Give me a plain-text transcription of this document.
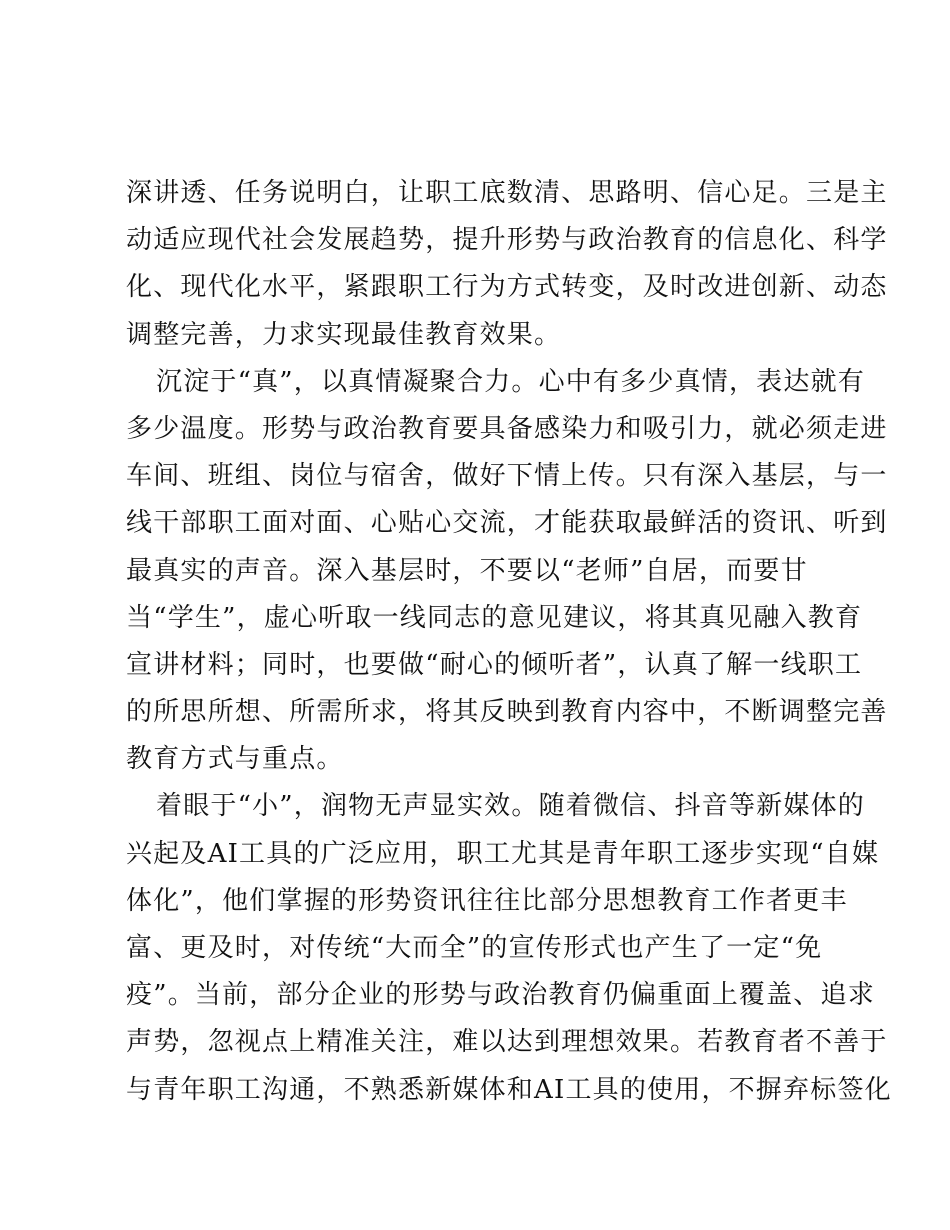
深讲透、任务说明白，让职工底数清、思路明、信心足。三是主
动适应现代社会发展趋势，提升形势与政治教育的信息化、科学
化、现代化水平，紧跟职工行为方式转变，及时改进创新、动态
调整完善，力求实现最佳教育效果。
沉淀于“真”，以真情凝聚合力。心中有多少真情，表达就有
多少温度。形势与政治教育要具备感染力和吸引力，就必须走进
车间、班组、岗位与宿舍，做好下情上传。只有深入基层，与一
线干部职工面对面、心贴心交流，才能获取最鲜活的资讯、听到
最真实的声音。深入基层时，不要以“老师”自居，而要甘
当“学生”，虚心听取一线同志的意见建议，将其真见融入教育
宣讲材料；同时，也要做“耐心的倾听者”，认真了解一线职工
的所思所想、所需所求，将其反映到教育内容中，不断调整完善
教育方式与重点。
着眼于“小”，润物无声显实效。随着微信、抖音等新媒体的
兴起及AI工具的广泛应用，职工尤其是青年职工逐步实现“自媒
体化”，他们掌握的形势资讯往往比部分思想教育工作者更丰
富、更及时，对传统“大而全”的宣传形式也产生了一定“免
疫”。当前，部分企业的形势与政治教育仍偏重面上覆盖、追求
声势，忽视点上精准关注，难以达到理想效果。若教育者不善于
与青年职工沟通，不熟悉新媒体和AI工具的使用，不摒弃标签化
